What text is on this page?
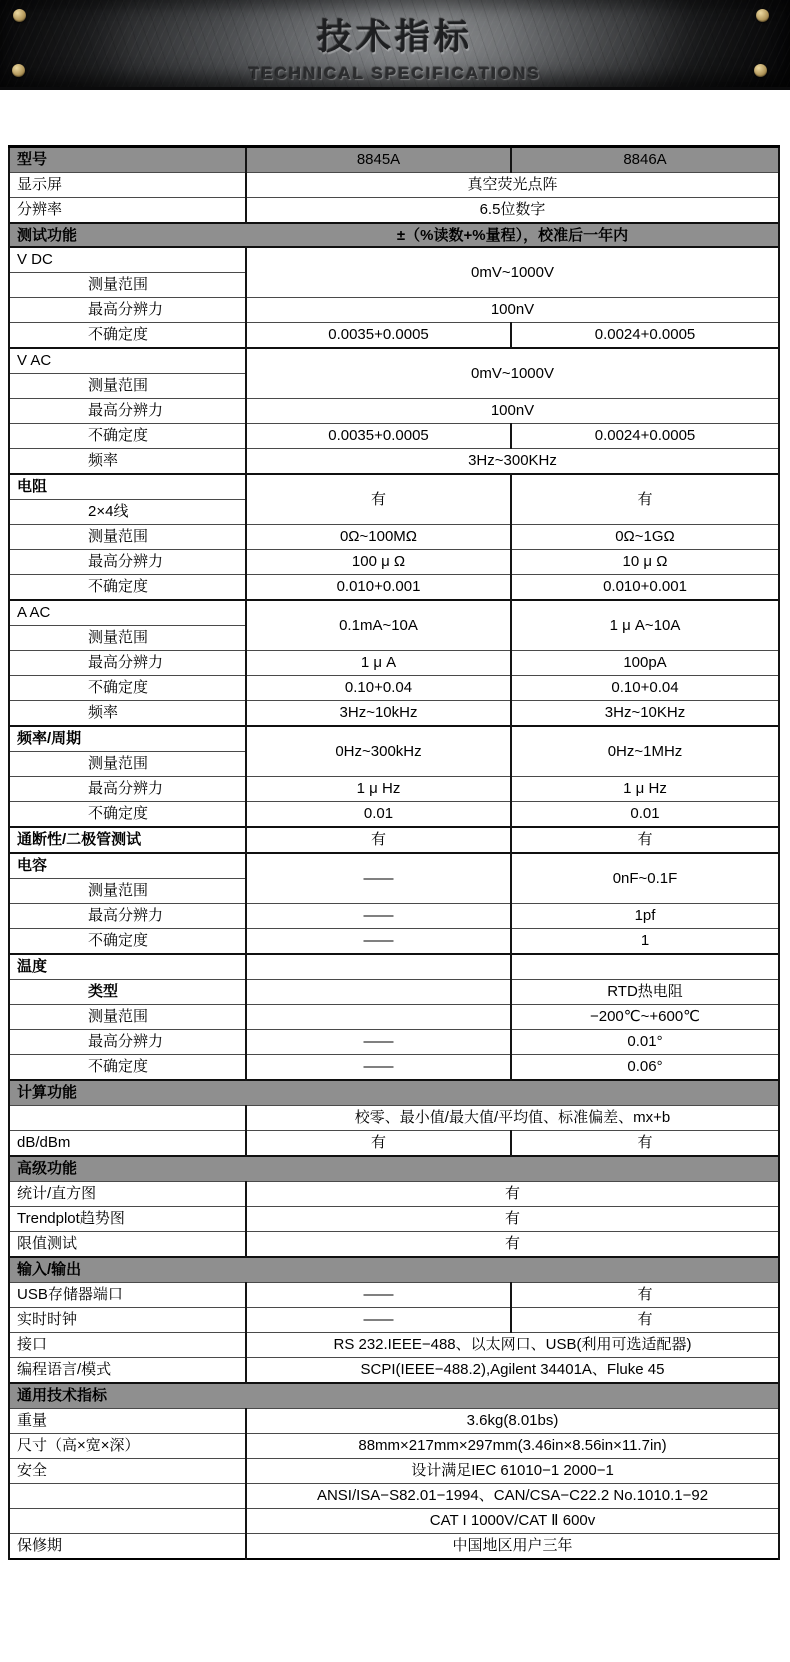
技术指标
TECHNICAL SPECIFICATIONS
型号	8845A	8846A
显示屏	真空荧光点阵	
分辨率	6.5位数字	

测试功能 ±（%读数+%量程），校准后一年内		

V DC	0mV~1000V	
测量范围		
最高分辨力	100nV	
不确定度	0.0035+0.0005	0.0024+0.0005
V AC	0mV~1000V	
测量范围		
最高分辨力	100nV	
不确定度	0.0035+0.0005	0.0024+0.0005
频率	3Hz~300KHz	
电阻	有	有
2×4线		
测量范围	0Ω~100MΩ	0Ω~1GΩ
最高分辨力	100 μ Ω	10 μ Ω
不确定度	0.010+0.001	0.010+0.001
A AC	0.1mA~10A	1 μ A~10A
测量范围		
最高分辨力	1 μ A	100pA
不确定度	0.10+0.04	0.10+0.04
频率	3Hz~10kHz	3Hz~10KHz
频率/周期	0Hz~300kHz	0Hz~1MHz
测量范围		
最高分辨力	1 μ Hz	1 μ Hz
不确定度	0.01	0.01
通断性/二极管测试	有	有
电容	——	0nF~0.1F
测量范围		
最高分辨力	——	1pf
不确定度	——	1
温度		
类型		RTD热电阻
测量范围		−200℃~+600℃
最高分辨力	——	0.01°
不确定度	——	0.06°
计算功能		
	校零、最小值/最大值/平均值、标准偏差、mx+b	
dB/dBm	有	有
高级功能		
统计/直方图	有	
Trendplot趋势图	有	
限值测试	有	
输入/输出		
USB存储器端口	——	有
实时时钟	——	有
接口	RS 232.IEEE−488、以太网口、USB(利用可选适配器)	
编程语言/模式	SCPI(IEEE−488.2),Agilent 34401A、Fluke 45	
通用技术指标		
重量	3.6kg(8.01bs)	
尺寸（高×宽×深）	88mm×217mm×297mm(3.46in×8.56in×11.7in)	
安全	设计满足IEC 61010−1 2000−1	
	ANSI/ISA−S82.01−1994、CAN/CSA−C22.2 No.1010.1−92	
	CAT I 1000V/CAT Ⅱ 600v	
保修期	中国地区用户三年	
